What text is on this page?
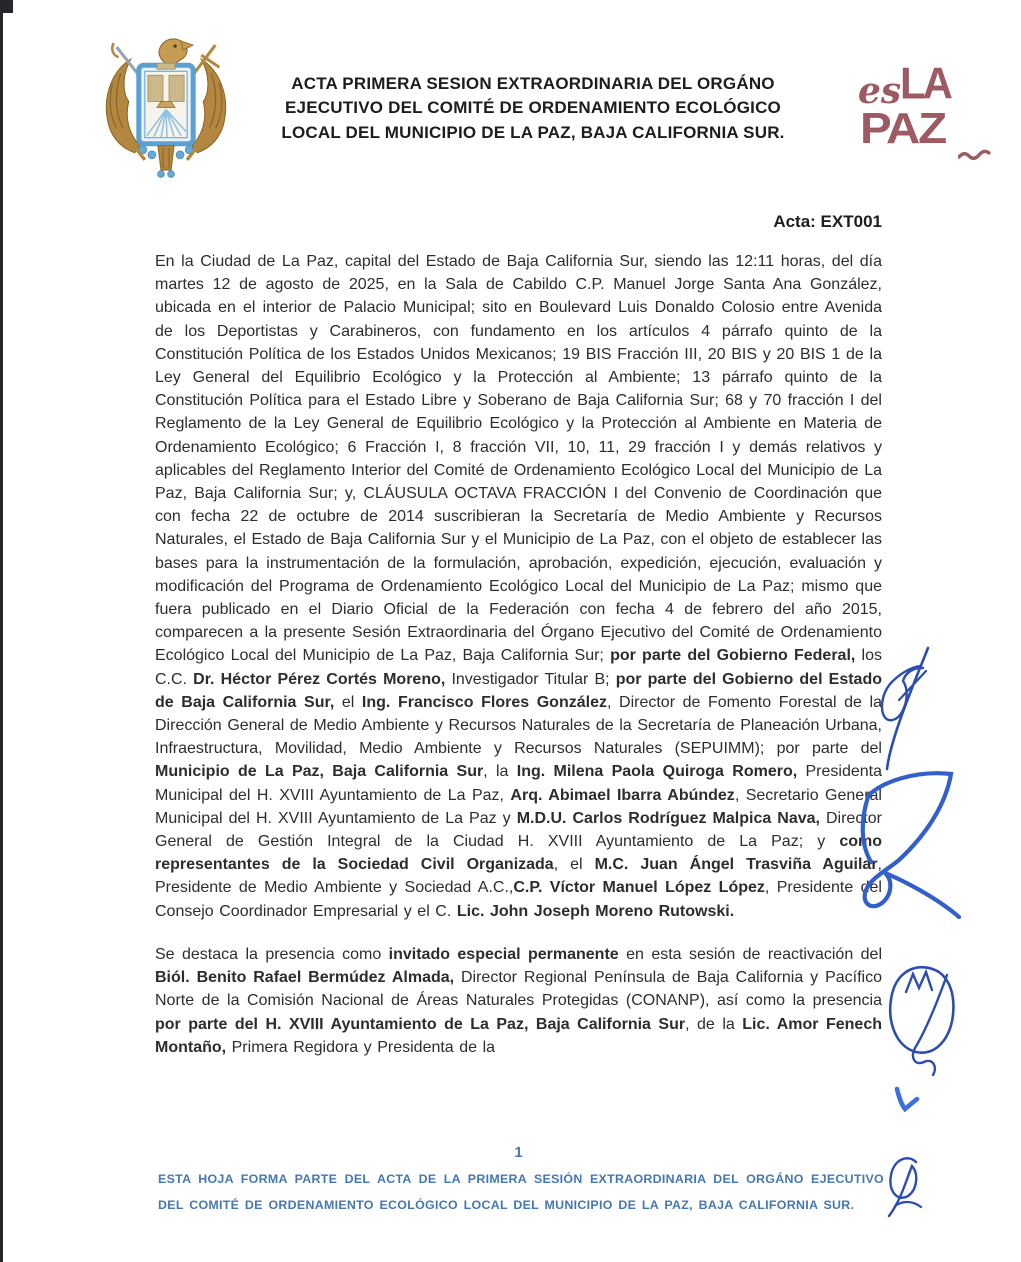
ACTA PRIMERA SESION EXTRAORDINARIA DEL ORGÁNO
EJECUTIVO DEL COMITÉ DE ORDENAMIENTO ECOLÓGICO
LOCAL DEL MUNICIPIO DE LA PAZ, BAJA CALIFORNIA SUR.
es
LA
PAZ
Acta: EXT001

En la Ciudad de La Paz, capital del Estado de Baja California Sur, siendo las 12:11 horas, del día martes 12 de agosto de 2025, en la Sala de Cabildo C.P. Manuel Jorge Santa Ana González, ubicada en el interior de Palacio Municipal; sito en Boulevard Luis Donaldo Colosio entre Avenida de los Deportistas y Carabineros, con fundamento en los artículos 4 párrafo quinto de la Constitución Política de los Estados Unidos Mexicanos; 19 BIS Fracción III, 20 BIS y 20 BIS 1 de la Ley General del Equilibrio Ecológico y la Protección al Ambiente; 13 párrafo quinto de la Constitución Política para el Estado Libre y Soberano de Baja California Sur; 68 y 70 fracción I del Reglamento de la Ley General de Equilibrio Ecológico y la Protección al Ambiente en Materia de Ordenamiento Ecológico; 6 Fracción I, 8 fracción VII, 10, 11, 29 fracción I y demás relativos y aplicables del Reglamento Interior del Comité de Ordenamiento Ecológico Local del Municipio de La Paz, Baja California Sur; y, CLÁUSULA OCTAVA FRACCIÓN I del Convenio de Coordinación que con fecha 22 de octubre de 2014 suscribieran la Secretaría de Medio Ambiente y Recursos Naturales, el Estado de Baja California Sur y el Municipio de La Paz, con el objeto de establecer las bases para la instrumentación de la formulación, aprobación, expedición, ejecución, evaluación y modificación del Programa de Ordenamiento Ecológico Local del Municipio de La Paz; mismo que fuera publicado en el Diario Oficial de la Federación con fecha 4 de febrero del año 2015, comparecen a la presente Sesión Extraordinaria del Órgano Ejecutivo del Comité de Ordenamiento Ecológico Local del Municipio de La Paz, Baja California Sur; por parte del Gobierno Federal, los C.C. Dr. Héctor Pérez Cortés Moreno, Investigador Titular B; por parte del Gobierno del Estado de Baja California Sur, el Ing. Francisco Flores González, Director de Fomento Forestal de la Dirección General de Medio Ambiente y Recursos Naturales de la Secretaría de Planeación Urbana, Infraestructura, Movilidad, Medio Ambiente y Recursos Naturales (SEPUIMM); por parte del Municipio de La Paz, Baja California Sur, la Ing. Milena Paola Quiroga Romero, Presidenta Municipal del H. XVIII Ayuntamiento de La Paz, Arq. Abimael Ibarra Abúndez, Secretario General Municipal del H. XVIII Ayuntamiento de La Paz y M.D.U. Carlos Rodríguez Malpica Nava, Director General de Gestión Integral de la Ciudad H. XVIII Ayuntamiento de La Paz; y como representantes de la Sociedad Civil Organizada, el M.C. Juan Ángel Trasviña Aguilar, Presidente de Medio Ambiente y Sociedad A.C.,C.P. Víctor Manuel López López, Presidente del Consejo Coordinador Empresarial y el C. Lic. John Joseph Moreno Rutowski.

Se destaca la presencia como invitado especial permanente en esta sesión de reactivación del Biól. Benito Rafael Bermúdez Almada, Director Regional Península de Baja California y Pacífico Norte de la Comisión Nacional de Áreas Naturales Protegidas (CONANP), así como la presencia por parte del H. XVIII Ayuntamiento de La Paz, Baja California Sur, de la Lic. Amor Fenech Montaño, Primera Regidora y Presidenta de la

1
ESTA HOJA FORMA PARTE DEL ACTA DE LA PRIMERA SESIÓN EXTRAORDINARIA DEL ORGÁNO EJECUTIVO DEL COMITÉ DE ORDENAMIENTO ECOLÓGICO LOCAL DEL MUNICIPIO DE LA PAZ, BAJA CALIFORNIA SUR.
